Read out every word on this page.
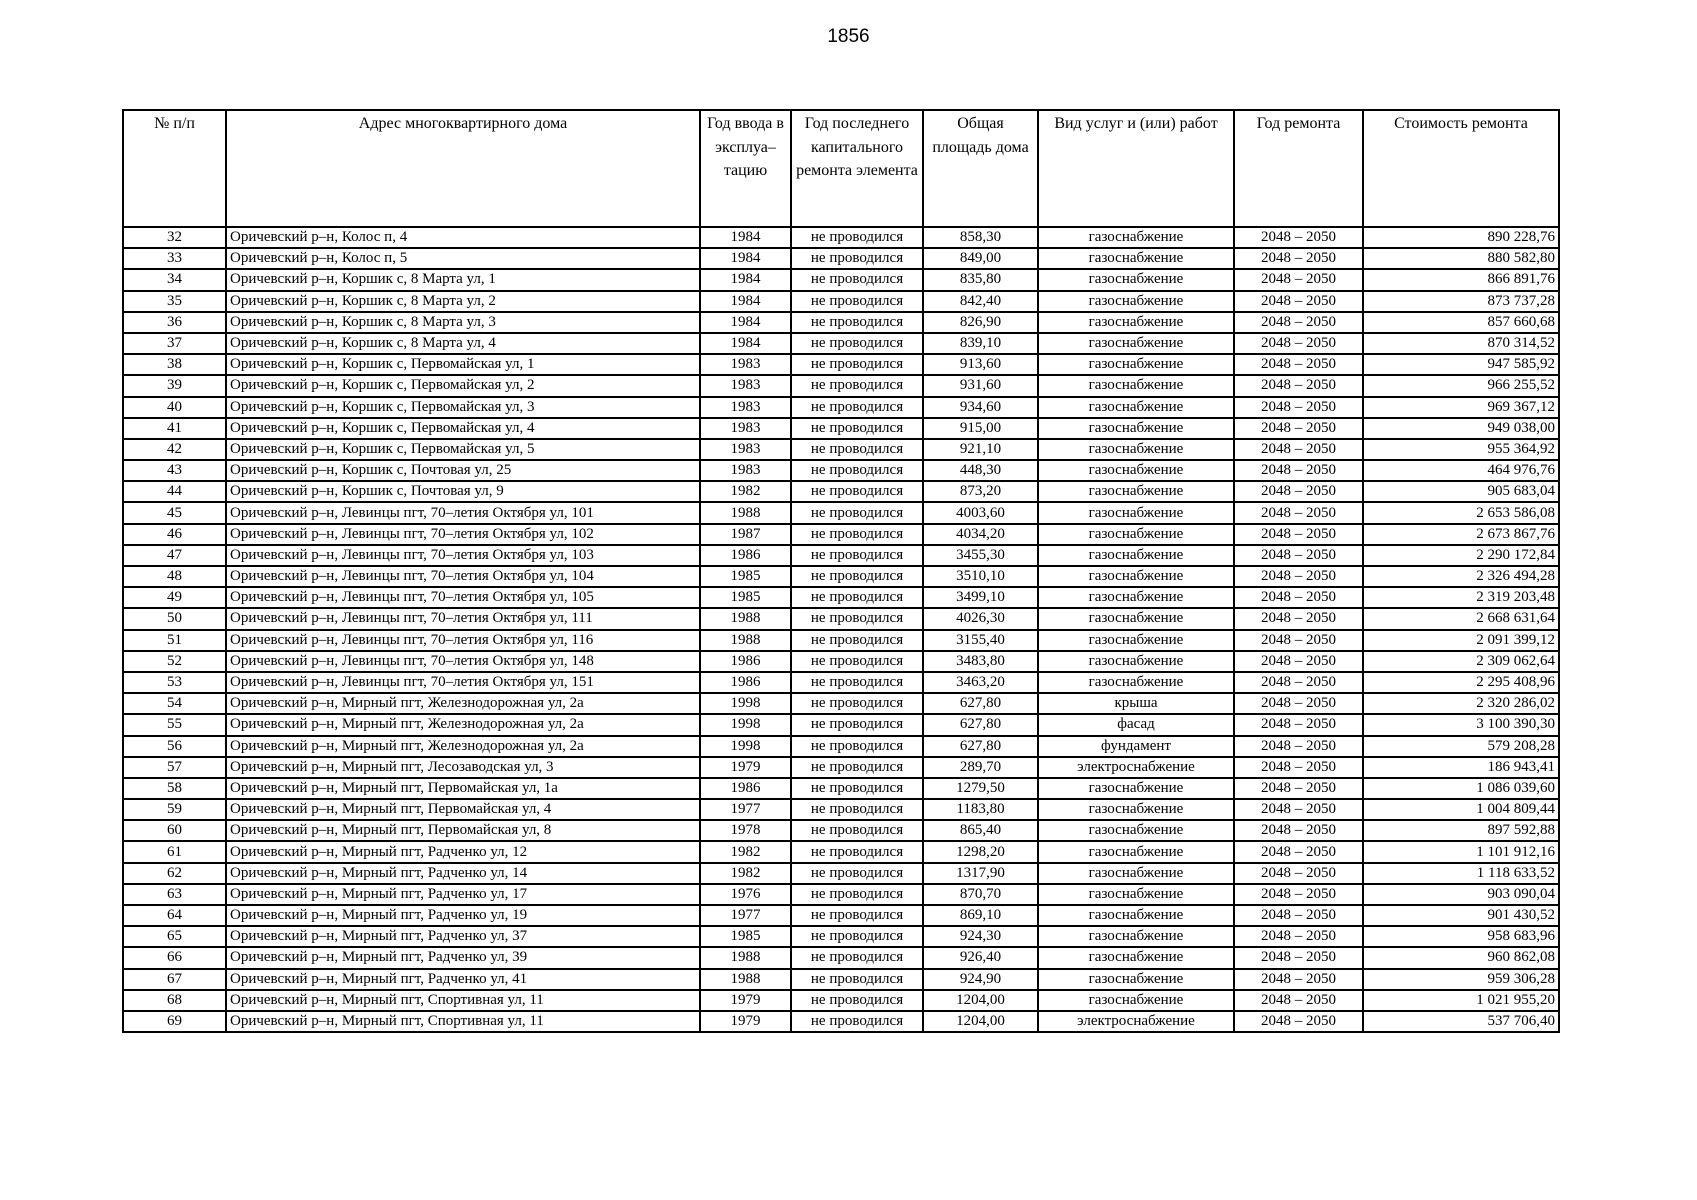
1856
№ п/п	Адрес многоквартирного дома	Год ввода в эксплуа– тацию	Год последнего капитального ремонта элемента	Общая площадь дома	Вид услуг и (или) работ	Год ремонта	Стоимость ремонта
32	Оричевский р–н, Колос п, 4	1984	не проводился	858,30	газоснабжение	2048 – 2050	890 228,76
33	Оричевский р–н, Колос п, 5	1984	не проводился	849,00	газоснабжение	2048 – 2050	880 582,80
34	Оричевский р–н, Коршик с, 8 Марта ул, 1	1984	не проводился	835,80	газоснабжение	2048 – 2050	866 891,76
35	Оричевский р–н, Коршик с, 8 Марта ул, 2	1984	не проводился	842,40	газоснабжение	2048 – 2050	873 737,28
36	Оричевский р–н, Коршик с, 8 Марта ул, 3	1984	не проводился	826,90	газоснабжение	2048 – 2050	857 660,68
37	Оричевский р–н, Коршик с, 8 Марта ул, 4	1984	не проводился	839,10	газоснабжение	2048 – 2050	870 314,52
38	Оричевский р–н, Коршик с, Первомайская ул, 1	1983	не проводился	913,60	газоснабжение	2048 – 2050	947 585,92
39	Оричевский р–н, Коршик с, Первомайская ул, 2	1983	не проводился	931,60	газоснабжение	2048 – 2050	966 255,52
40	Оричевский р–н, Коршик с, Первомайская ул, 3	1983	не проводился	934,60	газоснабжение	2048 – 2050	969 367,12
41	Оричевский р–н, Коршик с, Первомайская ул, 4	1983	не проводился	915,00	газоснабжение	2048 – 2050	949 038,00
42	Оричевский р–н, Коршик с, Первомайская ул, 5	1983	не проводился	921,10	газоснабжение	2048 – 2050	955 364,92
43	Оричевский р–н, Коршик с, Почтовая ул, 25	1983	не проводился	448,30	газоснабжение	2048 – 2050	464 976,76
44	Оричевский р–н, Коршик с, Почтовая ул, 9	1982	не проводился	873,20	газоснабжение	2048 – 2050	905 683,04
45	Оричевский р–н, Левинцы пгт, 70–летия Октября ул, 101	1988	не проводился	4003,60	газоснабжение	2048 – 2050	2 653 586,08
46	Оричевский р–н, Левинцы пгт, 70–летия Октября ул, 102	1987	не проводился	4034,20	газоснабжение	2048 – 2050	2 673 867,76
47	Оричевский р–н, Левинцы пгт, 70–летия Октября ул, 103	1986	не проводился	3455,30	газоснабжение	2048 – 2050	2 290 172,84
48	Оричевский р–н, Левинцы пгт, 70–летия Октября ул, 104	1985	не проводился	3510,10	газоснабжение	2048 – 2050	2 326 494,28
49	Оричевский р–н, Левинцы пгт, 70–летия Октября ул, 105	1985	не проводился	3499,10	газоснабжение	2048 – 2050	2 319 203,48
50	Оричевский р–н, Левинцы пгт, 70–летия Октября ул, 111	1988	не проводился	4026,30	газоснабжение	2048 – 2050	2 668 631,64
51	Оричевский р–н, Левинцы пгт, 70–летия Октября ул, 116	1988	не проводился	3155,40	газоснабжение	2048 – 2050	2 091 399,12
52	Оричевский р–н, Левинцы пгт, 70–летия Октября ул, 148	1986	не проводился	3483,80	газоснабжение	2048 – 2050	2 309 062,64
53	Оричевский р–н, Левинцы пгт, 70–летия Октября ул, 151	1986	не проводился	3463,20	газоснабжение	2048 – 2050	2 295 408,96
54	Оричевский р–н, Мирный пгт, Железнодорожная ул, 2а	1998	не проводился	627,80	крыша	2048 – 2050	2 320 286,02
55	Оричевский р–н, Мирный пгт, Железнодорожная ул, 2а	1998	не проводился	627,80	фасад	2048 – 2050	3 100 390,30
56	Оричевский р–н, Мирный пгт, Железнодорожная ул, 2а	1998	не проводился	627,80	фундамент	2048 – 2050	579 208,28
57	Оричевский р–н, Мирный пгт, Лесозаводская ул, 3	1979	не проводился	289,70	электроснабжение	2048 – 2050	186 943,41
58	Оричевский р–н, Мирный пгт, Первомайская ул, 1а	1986	не проводился	1279,50	газоснабжение	2048 – 2050	1 086 039,60
59	Оричевский р–н, Мирный пгт, Первомайская ул, 4	1977	не проводился	1183,80	газоснабжение	2048 – 2050	1 004 809,44
60	Оричевский р–н, Мирный пгт, Первомайская ул, 8	1978	не проводился	865,40	газоснабжение	2048 – 2050	897 592,88
61	Оричевский р–н, Мирный пгт, Радченко ул, 12	1982	не проводился	1298,20	газоснабжение	2048 – 2050	1 101 912,16
62	Оричевский р–н, Мирный пгт, Радченко ул, 14	1982	не проводился	1317,90	газоснабжение	2048 – 2050	1 118 633,52
63	Оричевский р–н, Мирный пгт, Радченко ул, 17	1976	не проводился	870,70	газоснабжение	2048 – 2050	903 090,04
64	Оричевский р–н, Мирный пгт, Радченко ул, 19	1977	не проводился	869,10	газоснабжение	2048 – 2050	901 430,52
65	Оричевский р–н, Мирный пгт, Радченко ул, 37	1985	не проводился	924,30	газоснабжение	2048 – 2050	958 683,96
66	Оричевский р–н, Мирный пгт, Радченко ул, 39	1988	не проводился	926,40	газоснабжение	2048 – 2050	960 862,08
67	Оричевский р–н, Мирный пгт, Радченко ул, 41	1988	не проводился	924,90	газоснабжение	2048 – 2050	959 306,28
68	Оричевский р–н, Мирный пгт, Спортивная ул, 11	1979	не проводился	1204,00	газоснабжение	2048 – 2050	1 021 955,20
69	Оричевский р–н, Мирный пгт, Спортивная ул, 11	1979	не проводился	1204,00	электроснабжение	2048 – 2050	537 706,40
